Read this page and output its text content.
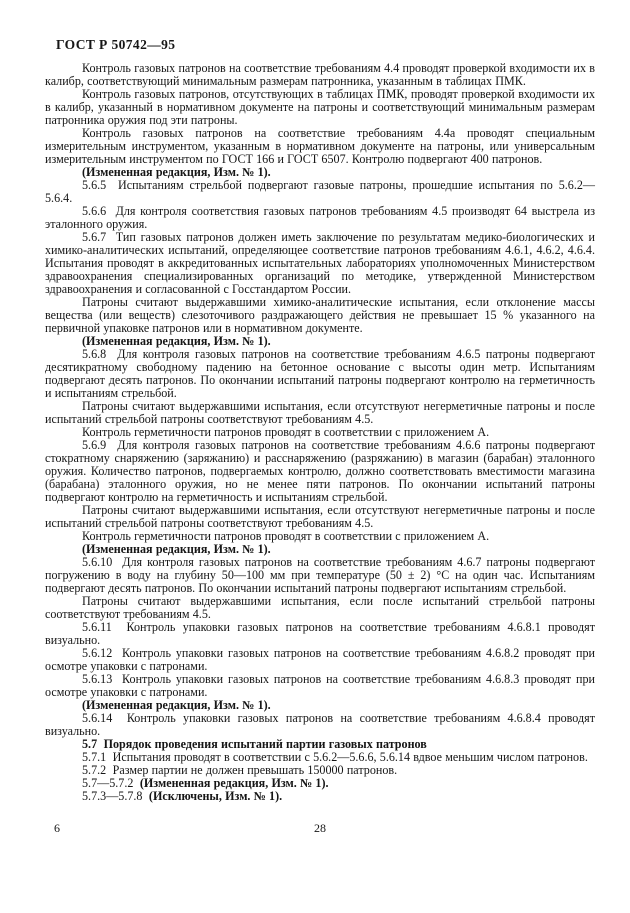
ГОСТ Р 50742—95

Контроль газовых патронов на соответствие требованиям 4.4 проводят проверкой входимости их в калибр, соответствующий минимальным размерам патронника, указанным в таблицах ПМК.

Контроль газовых патронов, отсутствующих в таблицах ПМК, проводят проверкой входимости их в калибр, указанный в нормативном документе на патроны и соответствующий минимальным размерам патронника оружия под эти патроны.

Контроль газовых патронов на соответствие требованиям 4.4а проводят специальным измерительным инструментом, указанным в нормативном документе на патроны, или универсальным измерительным инструментом по ГОСТ 166 и ГОСТ 6507. Контролю подвергают 400 патронов.

(Измененная редакция, Изм. № 1).

5.6.5  Испытаниям стрельбой подвергают газовые патроны, прошедшие испытания по 5.6.2—5.6.4.

5.6.6  Для контроля соответствия газовых патронов требованиям 4.5 производят 64 выстрела из эталонного оружия.

5.6.7  Тип газовых патронов должен иметь заключение по результатам медико-биологических и химико-аналитических испытаний, определяющее соответствие патронов требованиям 4.6.1, 4.6.2, 4.6.4. Испытания проводят в аккредитованных испытательных лабораториях уполномоченных Министерством здравоохранения специализированных организаций по методике, утвержденной Министерством здравоохранения и согласованной с Госстандартом России.

Патроны считают выдержавшими химико-аналитические испытания, если отклонение массы вещества (или веществ) слезоточивого раздражающего действия не превышает 15 % указанного на первичной упаковке патронов или в нормативном документе.

(Измененная редакция, Изм. № 1).

5.6.8  Для контроля газовых патронов на соответствие требованиям 4.6.5 патроны подвергают десятикратному свободному падению на бетонное основание с высоты один метр. Испытаниям подвергают десять патронов. По окончании испытаний патроны подвергают контролю на герметичность и испытаниям стрельбой.

Патроны считают выдержавшими испытания, если отсутствуют негерметичные патроны и после испытаний стрельбой патроны соответствуют требованиям 4.5.

Контроль герметичности патронов проводят в соответствии с приложением А.

5.6.9  Для контроля газовых патронов на соответствие требованиям 4.6.6 патроны подвергают стократному снаряжению (заряжанию) и расснаряжению (разряжанию) в магазин (барабан) эталонного оружия. Количество патронов, подвергаемых контролю, должно соответствовать вместимости магазина (барабана) эталонного оружия, но не менее пяти патронов. По окончании испытаний патроны подвергают контролю на герметичность и испытаниям стрельбой.

Патроны считают выдержавшими испытания, если отсутствуют негерметичные патроны и после испытаний стрельбой патроны соответствуют требованиям 4.5.

Контроль герметичности патронов проводят в соответствии с приложением А.

(Измененная редакция, Изм. № 1).

5.6.10  Для контроля газовых патронов на соответствие требованиям 4.6.7 патроны подвергают погружению в воду на глубину 50—100 мм при температуре (50 ± 2) °С на один час. Испытаниям подвергают десять патронов. По окончании испытаний патроны подвергают испытаниям стрельбой.

Патроны считают выдержавшими испытания, если после испытаний стрельбой патроны соответствуют требованиям 4.5.

5.6.11  Контроль упаковки газовых патронов на соответствие требованиям 4.6.8.1 проводят визуально.

5.6.12  Контроль упаковки газовых патронов на соответствие требованиям 4.6.8.2 проводят при осмотре упаковки с патронами.

5.6.13  Контроль упаковки газовых патронов на соответствие требованиям 4.6.8.3 проводят при осмотре упаковки с патронами.

(Измененная редакция, Изм. № 1).

5.6.14  Контроль упаковки газовых патронов на соответствие требованиям 4.6.8.4 проводят визуально.

5.7  Порядок проведения испытаний партии газовых патронов

5.7.1  Испытания проводят в соответствии с 5.6.2—5.6.6, 5.6.14 вдвое меньшим числом патронов.

5.7.2  Размер партии не должен превышать 150000 патронов.

5.7—5.7.2  (Измененная редакция, Изм. № 1).

5.7.3—5.7.8  (Исключены, Изм. № 1).

6	28
